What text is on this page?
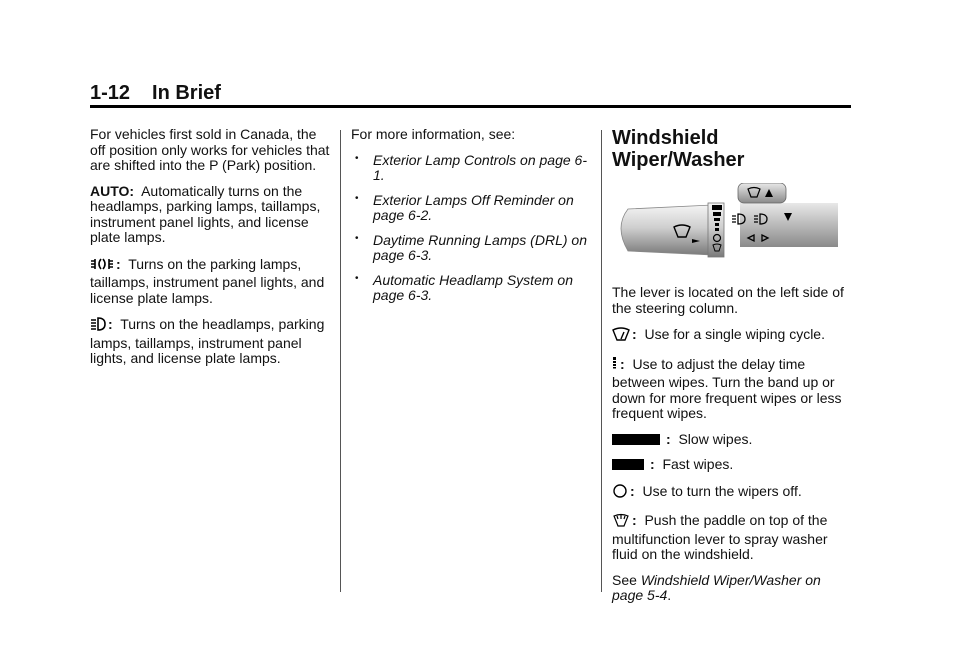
1-12 In Brief

For vehicles first sold in Canada, the off position only works for vehicles that are shifted into the P (Park) position.

AUTO: Automatically turns on the headlamps, parking lamps, taillamps, instrument panel lights, and license plate lamps.

: Turns on the parking lamps, taillamps, instrument panel lights, and license plate lamps.

: Turns on the headlamps, parking lamps, taillamps, instrument panel lights, and license plate lamps.

For more information, see:

• Exterior Lamp Controls on page 6-1.
• Exterior Lamps Off Reminder on page 6-2.
• Daytime Running Lamps (DRL) on page 6-3.
• Automatic Headlamp System on page 6-3.
Windshield Wiper/Washer

The lever is located on the left side of the steering column.

: Use for a single wiping cycle.

: Use to adjust the delay time between wipes. Turn the band up or down for more frequent wipes or less frequent wipes.

: Slow wipes.

: Fast wipes.

: Use to turn the wipers off.

: Push the paddle on top of the multifunction lever to spray washer fluid on the windshield.

See Windshield Wiper/Washer on page 5-4.
